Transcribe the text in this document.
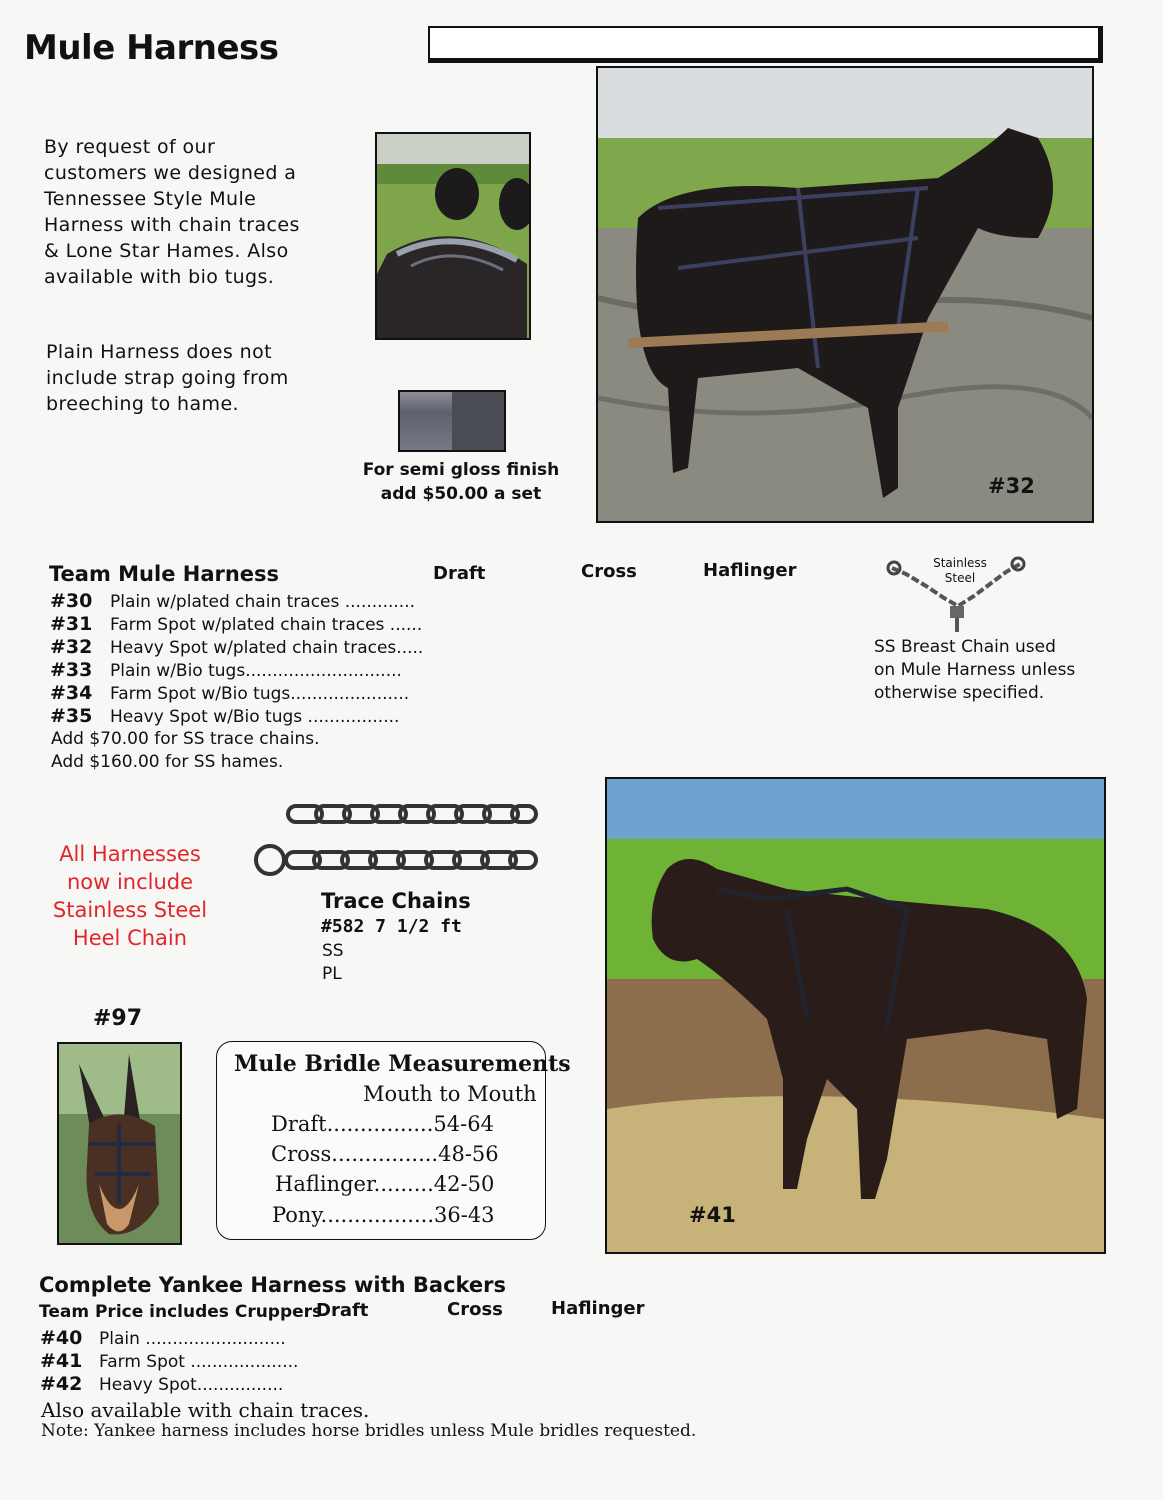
Mule Harness
By request of our customers we designed a Tennessee Style Mule Harness with chain traces & Lone Star Hames. Also available with bio tugs.
Plain Harness does not include strap going from breeching to hame.
For semi gloss finish
add $50.00 a set	#32
Team Mule Harness	Draft	Cross	Haflinger
#30 Plain w/plated chain traces .............
#31 Farm Spot w/plated chain traces ......
#32 Heavy Spot w/plated chain traces.....
#33 Plain w/Bio tugs.............................
#34 Farm Spot w/Bio tugs......................
#35 Heavy Spot w/Bio tugs .................
Add $70.00 for SS trace chains.
Add $160.00 for SS hames.
Stainless
Steel
SS Breast Chain used
on Mule Harness unless
otherwise specified.
All Harnesses
now include
Stainless Steel
Heel Chain
Trace Chains
#582 7 1/2 ft
SS
PL
#97
Mule Bridle Measurements
Mouth to Mouth
Draft................54-64
Cross................48-56
Haflinger.........42-50
Pony.................36-43	#41
Complete Yankee Harness with Backers
Team Price includes Cruppers
Draft	Cross	Haflinger
#40 Plain ..........................
#41 Farm Spot ....................
#42 Heavy Spot................
Also available with chain traces.
Note: Yankee harness includes horse bridles unless Mule bridles requested.
